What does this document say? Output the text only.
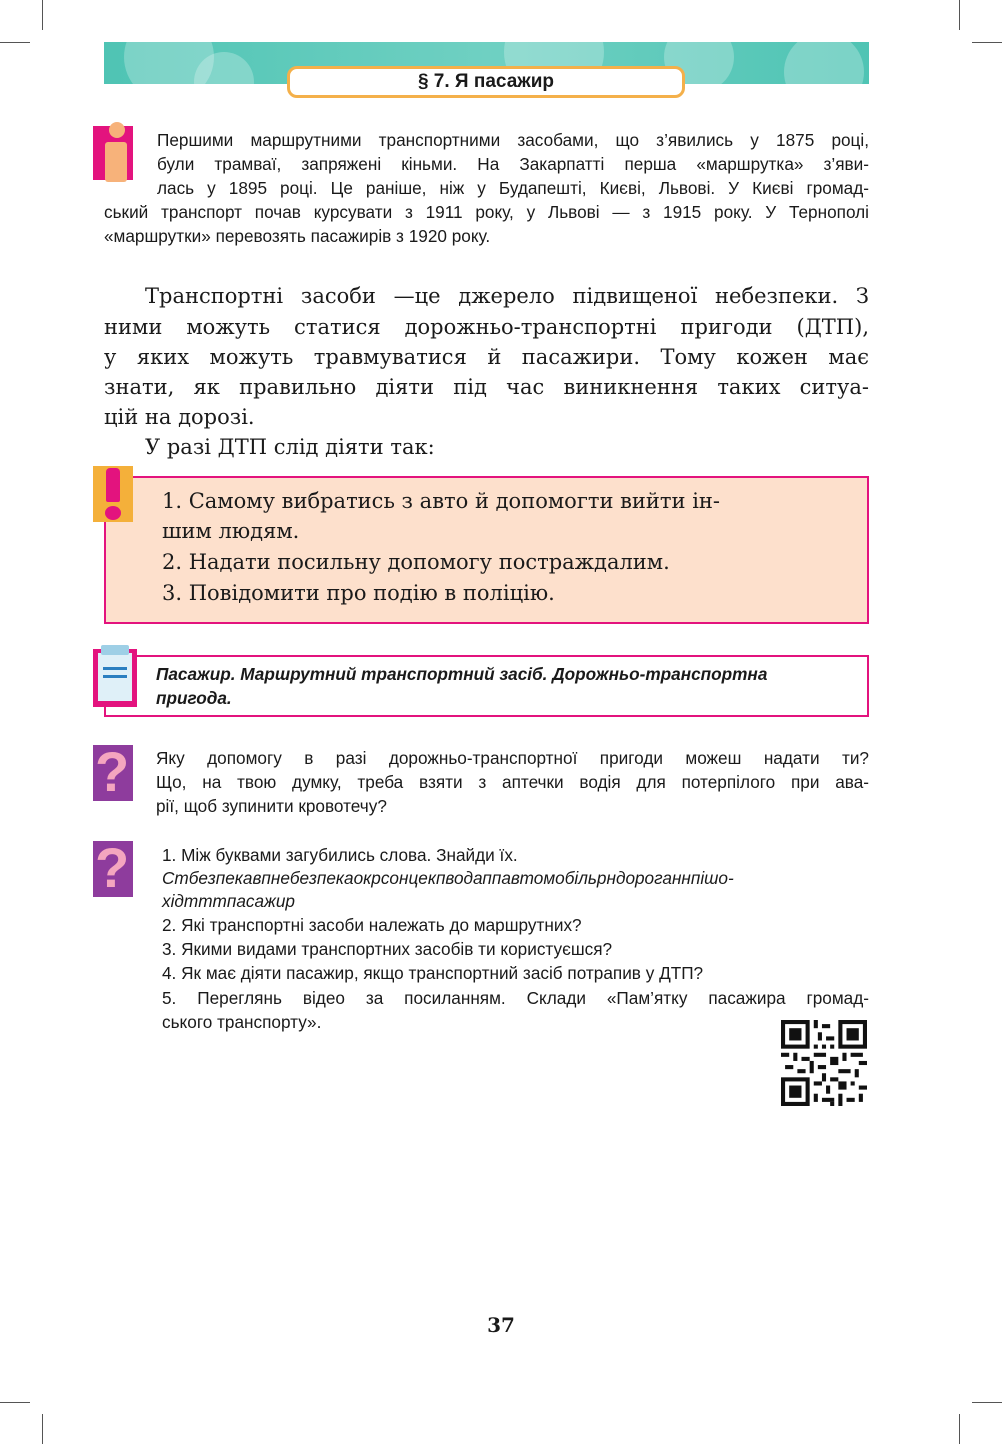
§ 7. Я пасажир
Першими маршрутними транспортними засобами, що з’явились у 1875 році,
були трамваї, запряжені кіньми. На Закарпатті перша «маршрутка» з’яви-
лась у 1895 році. Це раніше, ніж у Будапешті, Києві, Львові. У Києві громад-
ський транспорт почав курсувати з 1911 року, у Львові — з 1915 року. У Тернополі
«маршрутки» перевозять пасажирів з 1920 року.
Транспортні засоби —це джерело підвищеної небезпеки. З
ними можуть статися дорожньо-транспортні пригоди (ДТП),
у яких можуть травмуватися й пасажири. Тому кожен має
знати, як правильно діяти під час виникнення таких ситуа-
цій на дорозі.
У разі ДТП слід діяти так:
1. Самому вибратись з авто й допомогти вийти ін-
шим людям.
2. Надати посильну допомогу постраждалим.
3. Повідомити про подію в поліцію.
Пасажир. Маршрутний транспортний засіб. Дорожньо-транспортна
пригода.
? Яку допомогу в разі дорожньо-транспортної пригоди можеш надати ти?
Що, на твою думку, треба взяти з аптечки водія для потерпілого при ава-
рії, щоб зупинити кровотечу?
? 1. Між буквами загубились слова. Знайди їх.
Стбезпекавпнебезпекаокрсонцекпводаппавтомобільрндороганнпішо-
хідтттпасажир
2. Які транспортні засоби належать до маршрутних?
3. Якими видами транспортних засобів ти користуєшся?
4. Як має діяти пасажир, якщо транспортний засіб потрапив у ДТП?
5. Переглянь відео за посиланням. Склади «Пам’ятку пасажира громад-
ського транспорту».
37
